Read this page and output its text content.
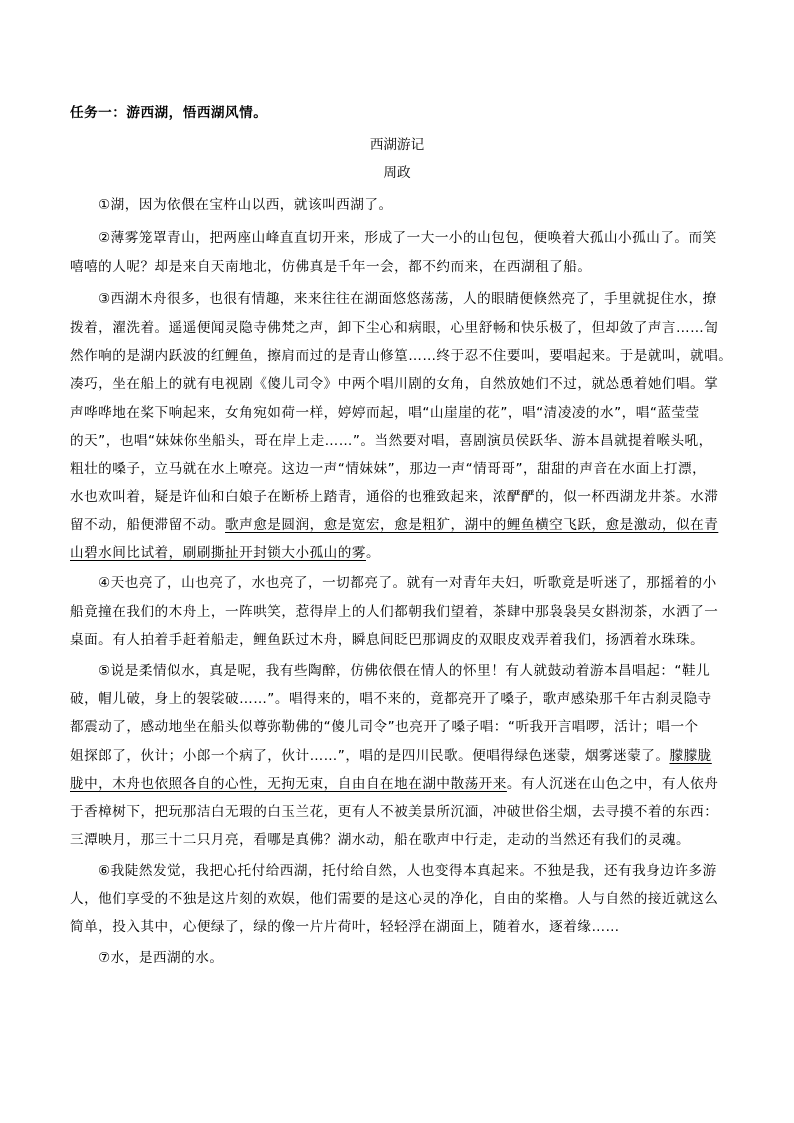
任务一：游西湖，悟西湖风情。
西湖游记
周政
①湖，因为依偎在宝杵山以西，就该叫西湖了。
②薄雾笼罩青山，把两座山峰直直切开来，形成了一大一小的山包包，便唤着大孤山小孤山了。而笑
嘻嘻的人呢？却是来自天南地北，仿佛真是千年一会，都不约而来，在西湖租了船。
③西湖木舟很多，也很有情趣，来来往往在湖面悠悠荡荡，人的眼睛便倏然亮了，手里就捉住水，撩
拨着，濯洗着。遥遥便闻灵隐寺佛梵之声，卸下尘心和病眼，心里舒畅和快乐极了，但却敛了声言……訇
然作响的是湖内跃波的红鲤鱼，擦肩而过的是青山修篁……终于忍不住要叫，要唱起来。于是就叫，就唱。
凑巧，坐在船上的就有电视剧《傻儿司令》中两个唱川剧的女角，自然放她们不过，就怂恿着她们唱。掌
声哗哗地在桨下响起来，女角宛如荷一样，婷婷而起，唱“山崖崖的花”，唱“清凌凌的水”，唱“蓝莹莹
的天”，也唱“妹妹你坐船头，哥在岸上走……”。当然要对唱，喜剧演员侯跃华、游本昌就提着喉头吼，
粗壮的嗓子，立马就在水上嘹亮。这边一声“情妹妹”，那边一声“情哥哥”，甜甜的声音在水面上打漂，
水也欢叫着，疑是许仙和白娘子在断桥上踏青，通俗的也雅致起来，浓酽酽的，似一杯西湖龙井茶。水滞
留不动，船便滞留不动。歌声愈是圆润，愈是宽宏，愈是粗犷，湖中的鲤鱼横空飞跃，愈是激动，似在青
山碧水间比试着，刷刷撕扯开封锁大小孤山的雾。
④天也亮了，山也亮了，水也亮了，一切都亮了。就有一对青年夫妇，听歌竟是听迷了，那摇着的小
船竟撞在我们的木舟上，一阵哄笑，惹得岸上的人们都朝我们望着，茶肆中那袅袅吴女斟沏茶，水洒了一
桌面。有人拍着手赶着船走，鲤鱼跃过木舟，瞬息间眨巴那调皮的双眼皮戏弄着我们，扬洒着水珠珠。
⑤说是柔情似水，真是呢，我有些陶醉，仿佛依偎在情人的怀里！有人就鼓动着游本昌唱起：“鞋儿
破，帽儿破，身上的袈裟破……”。唱得来的，唱不来的，竟都亮开了嗓子，歌声感染那千年古刹灵隐寺
都震动了，感动地坐在船头似尊弥勒佛的“傻儿司令”也亮开了嗓子唱：“听我开言唱啰，活计；唱一个
姐探郎了，伙计；小郎一个病了，伙计……”，唱的是四川民歌。便唱得绿色迷蒙，烟雾迷蒙了。朦朦胧
胧中，木舟也依照各自的心性，无拘无束，自由自在地在湖中散荡开来。有人沉迷在山色之中，有人依舟
于香樟树下，把玩那洁白无瑕的白玉兰花，更有人不被美景所沉湎，冲破世俗尘烟，去寻摸不着的东西：
三潭映月，那三十二只月亮，看哪是真佛？湖水动，船在歌声中行走，走动的当然还有我们的灵魂。
⑥我陡然发觉，我把心托付给西湖，托付给自然，人也变得本真起来。不独是我，还有我身边许多游
人，他们享受的不独是这片刻的欢娱，他们需要的是这心灵的净化，自由的桨橹。人与自然的接近就这么
简单，投入其中，心便绿了，绿的像一片片荷叶，轻轻浮在湖面上，随着水，逐着缘……
⑦水，是西湖的水。
